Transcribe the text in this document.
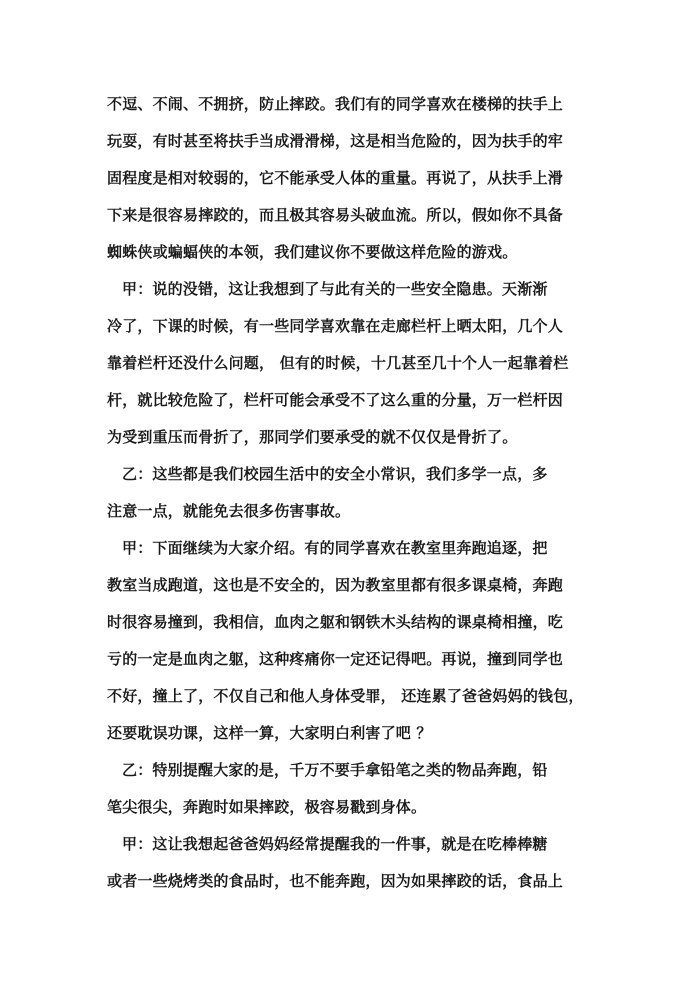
不逗、不闹、不拥挤，防止摔跤。我们有的同学喜欢在楼梯的扶手上
玩耍，有时甚至将扶手当成滑滑梯，这是相当危险的，因为扶手的牢
固程度是相对较弱的，它不能承受人体的重量。再说了，从扶手上滑
下来是很容易摔跤的，而且极其容易头破血流。所以，假如你不具备
蜘蛛侠或蝙蝠侠的本领，我们建议你不要做这样危险的游戏。
甲：说的没错，这让我想到了与此有关的一些安全隐患。天渐渐
冷了，下课的时候，有一些同学喜欢靠在走廊栏杆上晒太阳，几个人
靠着栏杆还没什么问题， 但有的时候，十几甚至几十个人一起靠着栏
杆，就比较危险了，栏杆可能会承受不了这么重的分量，万一栏杆因
为受到重压而骨折了，那同学们要承受的就不仅仅是骨折了。
乙：这些都是我们校园生活中的安全小常识，我们多学一点，多
注意一点，就能免去很多伤害事故。
甲：下面继续为大家介绍。有的同学喜欢在教室里奔跑追逐，把
教室当成跑道，这也是不安全的，因为教室里都有很多课桌椅，奔跑
时很容易撞到，我相信，血肉之躯和钢铁木头结构的课桌椅相撞，吃
亏的一定是血肉之躯，这种疼痛你一定还记得吧。再说，撞到同学也
不好，撞上了，不仅自己和他人身体受罪， 还连累了爸爸妈妈的钱包，
还要耽误功课，这样一算，大家明白利害了吧 ？
乙：特别提醒大家的是，千万不要手拿铅笔之类的物品奔跑，铅
笔尖很尖，奔跑时如果摔跤，极容易戳到身体。
甲：这让我想起爸爸妈妈经常提醒我的一件事，就是在吃棒棒糖
或者一些烧烤类的食品时，也不能奔跑，因为如果摔跤的话，食品上
